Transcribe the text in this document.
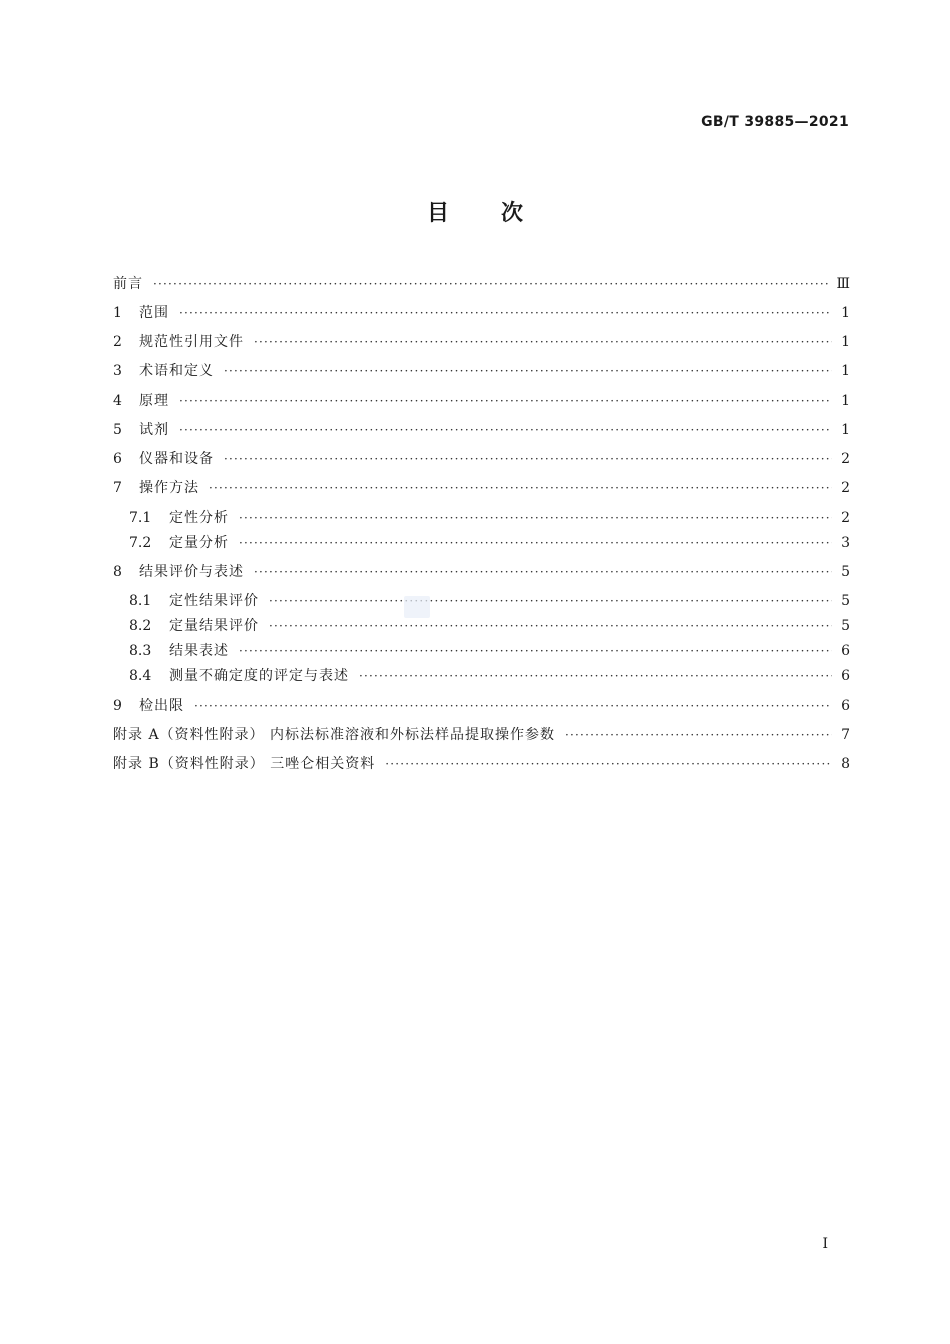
GB/T 39885—2021
目 次
前言 ·····	Ⅲ
1	范围 ·····	1
2	规范性引用文件 ·····	1
3	术语和定义 ·····	1
4	原理 ·····	1
5	试剂 ·····	1
6	仪器和设备 ·····	2
7	操作方法 ·····	2
7.1	定性分析 ·····	2
7.2	定量分析 ·····	3
8	结果评价与表述 ·····	5
8.1	定性结果评价 ·····	5
8.2	定量结果评价 ·····	5
8.3	结果表述 ·····	6
8.4	测量不确定度的评定与表述 ·····	6
9	检出限 ·····	6
附录 A（资料性附录） 内标法标准溶液和外标法样品提取操作参数 ·····	7
附录 B（资料性附录） 三唑仑相关资料 ·····	8
I
